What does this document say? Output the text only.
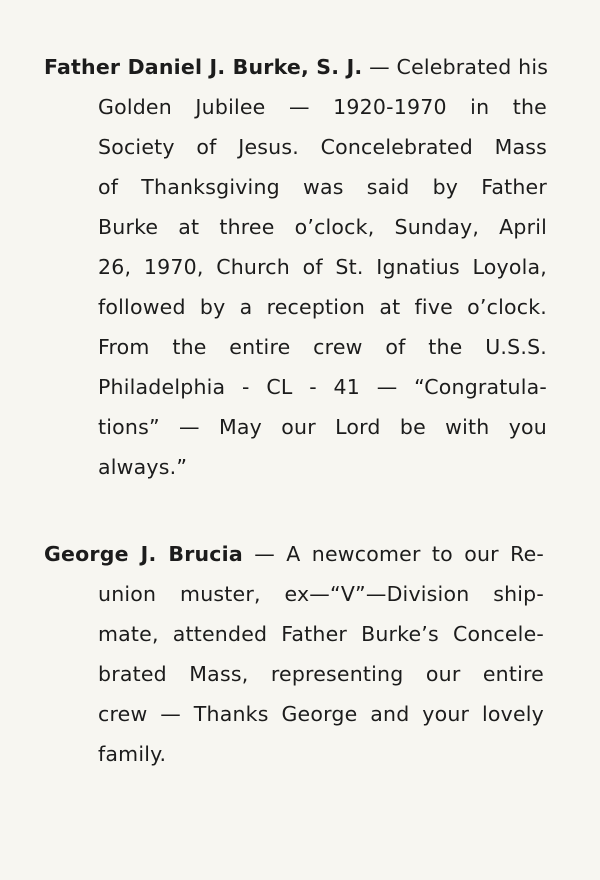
Father Daniel J. Burke, S. J. — Celebrated his
Golden Jubilee — 1920-1970 in the
Society of Jesus. Concelebrated Mass
of Thanksgiving was said by Father
Burke at three o’clock, Sunday, April
26, 1970, Church of St. Ignatius Loyola,
followed by a reception at five o’clock.
From the entire crew of the U.S.S.
Philadelphia - CL - 41 — “Congratula-
tions” — May our Lord be with you
always.”
George J. Brucia — A newcomer to our Re-
union muster, ex—“V”—Division ship-
mate, attended Father Burke’s Concele-
brated Mass, representing our entire
crew — Thanks George and your lovely
family.
